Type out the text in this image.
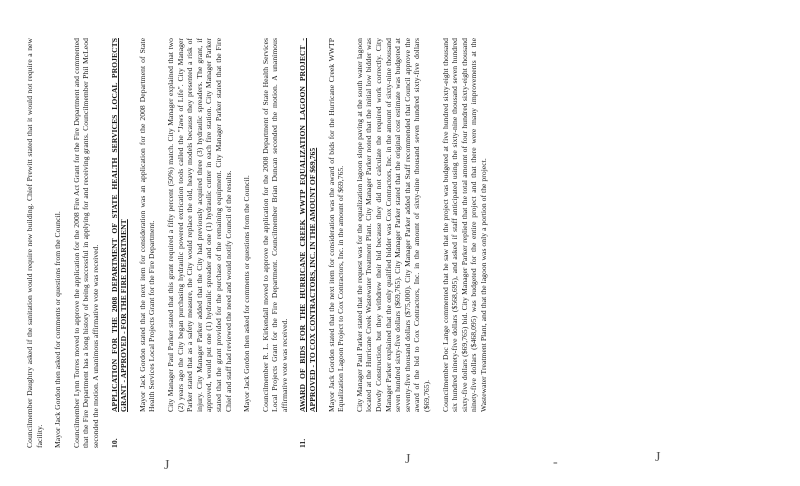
Councilmember Daughtry asked if the sanitation would require new building. Chief Prewitt stated that it would not require a new facility. Mayor Jack Gordon then asked for comments or questions from the Council. Councilmember Lynn Torres moved to approve the application for the 2008 Fire Act Grant for the Fire Department and commented that the Fire Department has a long history of being successful in applying for and receiving grants. Councilmember Phil McLeod seconded the motion. A unanimous affirmative vote was received. 10.
APPLICATION FOR THE 2008 DEPARTMENT OF STATE HEALTH SERVICES LOCAL PROJECTS GRANT - APPROVED - FOR THE FIRE DEPARTMENT Mayor Jack Gordon stated that the next item for consideration was an application for the 2008 Department of State Health Services Local Projects Grant for the Fire Department. City Manager Paul Parker stated that this grant required a fifty percent (50%) match. City Manager explained that two (2) years ago the City began purchasing hydraulic powered extrication tools called the "Jaws of Life". City Manager Parker stated that as a safety measure, the City would replace the old, heavy models because they presented a risk of injury. City Manager Parker added that the City had previously acquired three (3) hydraulic spreaders. The grant, if approved, would put one (1) hydraulic spreader and one (1) hydraulic cutter in each fire station. City Manager Parker stated that the grant provided for the purchase of the remaining equipment. City Manager Parker stated that the Fire Chief and staff had reviewed the need and would notify Council of the results. Mayor Jack Gordon then asked for comments or questions from the Council. Councilmember R. L. Kirkendall moved to approve the application for the 2008 Department of State Health Services Local Projects Grant for the Fire Department. Councilmember Brian Duncan seconded the motion. A unanimous affirmative vote was received.

11.
AWARD OF BIDS FOR THE HURRICANE CREEK WWTP EQUALIZATION LAGOON PROJECT - APPROVED - TO COX CONTRACTORS, INC. IN THE AMOUNT OF $69,765 Mayor Jack Gordon stated that the next item for consideration was the award of bids for the Hurricane Creek WWTP Equalization Lagoon Project to Cox Contractors, Inc. in the amount of $69,765. City Manager Paul Parker stated that the request was for the equalization lagoon slope paving at the south water lagoon located at the Hurricane Creek Wastewater Treatment Plant. City Manager Parker noted that the initial low bidder was Dowdy Construction, but they withdrew their bid because they did not calculate the required work correctly. City Manager Parker explained that the only qualified bidder was Cox Contractors, Inc. in the amount of sixty-nine thousand seven hundred sixty-five dollars ($69,765). City Manager Parker stated that the original cost estimate was budgeted at seventy-five thousand dollars ($75,000). City Manager Parker added that Staff recommended that Council approve the award of the bid to Cox Contractors, Inc. in the amount of sixty-nine thousand seven hundred sixty-five dollars ($69,765). Councilmember Doc Lange commented that he saw that the project was budgeted at five hundred sixty-eight thousand six hundred ninety-five dollars ($568,695), and asked if staff anticipated using the sixty-nine thousand seven hundred sixty-five dollars ($69,765) bid. City Manager Parker replied that the total amount of four hundred sixty-eight thousand ninety-five dollars ($468,095) was budgeted for the entire project and that there were many improvements at the Wastewater Treatment Plant, and that the lagoon was only a portion of the project.

J	J	-	J
